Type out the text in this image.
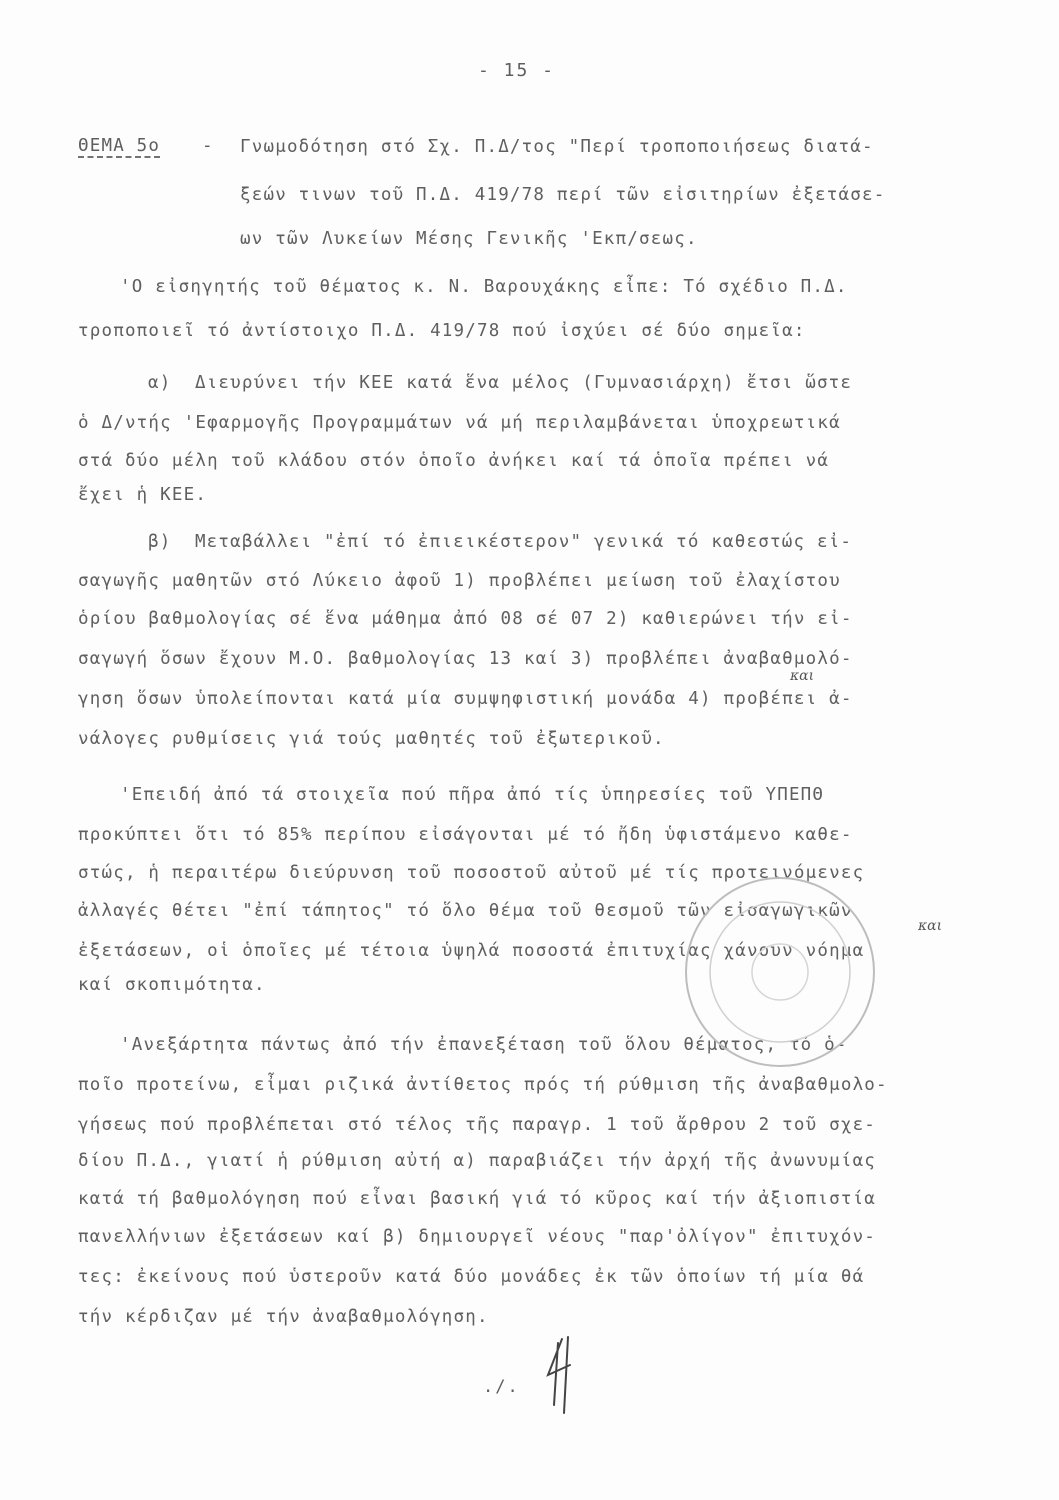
- 15 -
ΘΕΜΑ 5ο - Γνωμοδότηση στό Σχ. Π.Δ/τος "Περί τροποποιήσεως διατά-
ξεών τινων τοῦ Π.Δ. 419/78 περί τῶν εἰσιτηρίων ἐξετάσε-
ων τῶν Λυκείων Μέσης Γενικῆς 'Εκπ/σεως.
'Ο εἰσηγητής τοῦ θέματος κ. Ν. Βαρουχάκης εἶπε: Τό σχέδιο Π.Δ.
τροποποιεῖ τό ἀντίστοιχο Π.Δ. 419/78 πού ἰσχύει σέ δύο σημεῖα:
α)  Διευρύνει τήν ΚΕΕ κατά ἕνα μέλος (Γυμνασιάρχη) ἔτσι ὥστε
ὁ Δ/ντής 'Εφαρμογῆς Προγραμμάτων νά μή περιλαμβάνεται ὑποχρεωτικά
στά δύο μέλη τοῦ κλάδου στόν ὁποῖο ἀνήκει καί τά ὁποῖα πρέπει νά
ἔχει ἡ ΚΕΕ.
β)  Μεταβάλλει "ἐπί τό ἐπιεικέστερον" γενικά τό καθεστώς εἰ-
σαγωγῆς μαθητῶν στό Λύκειο ἀφοῦ 1) προβλέπει μείωση τοῦ ἐλαχίστου
ὁρίου βαθμολογίας σέ ἕνα μάθημα ἀπό 08 σέ 07 2) καθιερώνει τήν εἰ-
σαγωγή ὅσων ἔχουν Μ.Ο. βαθμολογίας 13 καί 3) προβλέπει ἀναβαθμολό-
γηση ὅσων ὑπολείπονται κατά μία συμψηφιστική μονάδα 4) προβέπει ἀ-
νάλογες ρυθμίσεις γιά τούς μαθητές τοῦ ἐξωτερικοῦ.
και
'Επειδή ἀπό τά στοιχεῖα πού πῆρα ἀπό τίς ὑπηρεσίες τοῦ ΥΠΕΠΘ
προκύπτει ὅτι τό 85% περίπου εἰσάγονται μέ τό ἤδη ὑφιστάμενο καθε-
στώς, ἡ περαιτέρω διεύρυνση τοῦ ποσοστοῦ αὐτοῦ μέ τίς προτεινόμενες
ἀλλαγές θέτει "ἐπί τάπητος" τό ὅλο θέμα τοῦ θεσμοῦ τῶν εἰσαγωγικῶν
ἐξετάσεων, οἱ ὁποῖες μέ τέτοια ὑψηλά ποσοστά ἐπιτυχίας χάνουν νόημα
καί σκοπιμότητα.
και
'Ανεξάρτητα πάντως ἀπό τήν ἐπανεξέταση τοῦ ὅλου θέματος, τό ὁ-
ποῖο προτείνω, εἶμαι ριζικά ἀντίθετος πρός τή ρύθμιση τῆς ἀναβαθμολο-
γήσεως πού προβλέπεται στό τέλος τῆς παραγρ. 1 τοῦ ἄρθρου 2 τοῦ σχε-
δίου Π.Δ., γιατί ἡ ρύθμιση αὐτή α) παραβιάζει τήν ἀρχή τῆς ἀνωνυμίας
κατά τή βαθμολόγηση πού εἶναι βασική γιά τό κῦρος καί τήν ἀξιοπιστία
πανελλήνιων ἐξετάσεων καί β) δημιουργεῖ νέους "παρ'ὀλίγον" ἐπιτυχόν-
τες: ἐκείνους πού ὑστεροῦν κατά δύο μονάδες ἐκ τῶν ὁποίων τή μία θά
τήν κέρδιζαν μέ τήν ἀναβαθμολόγηση.
./.
